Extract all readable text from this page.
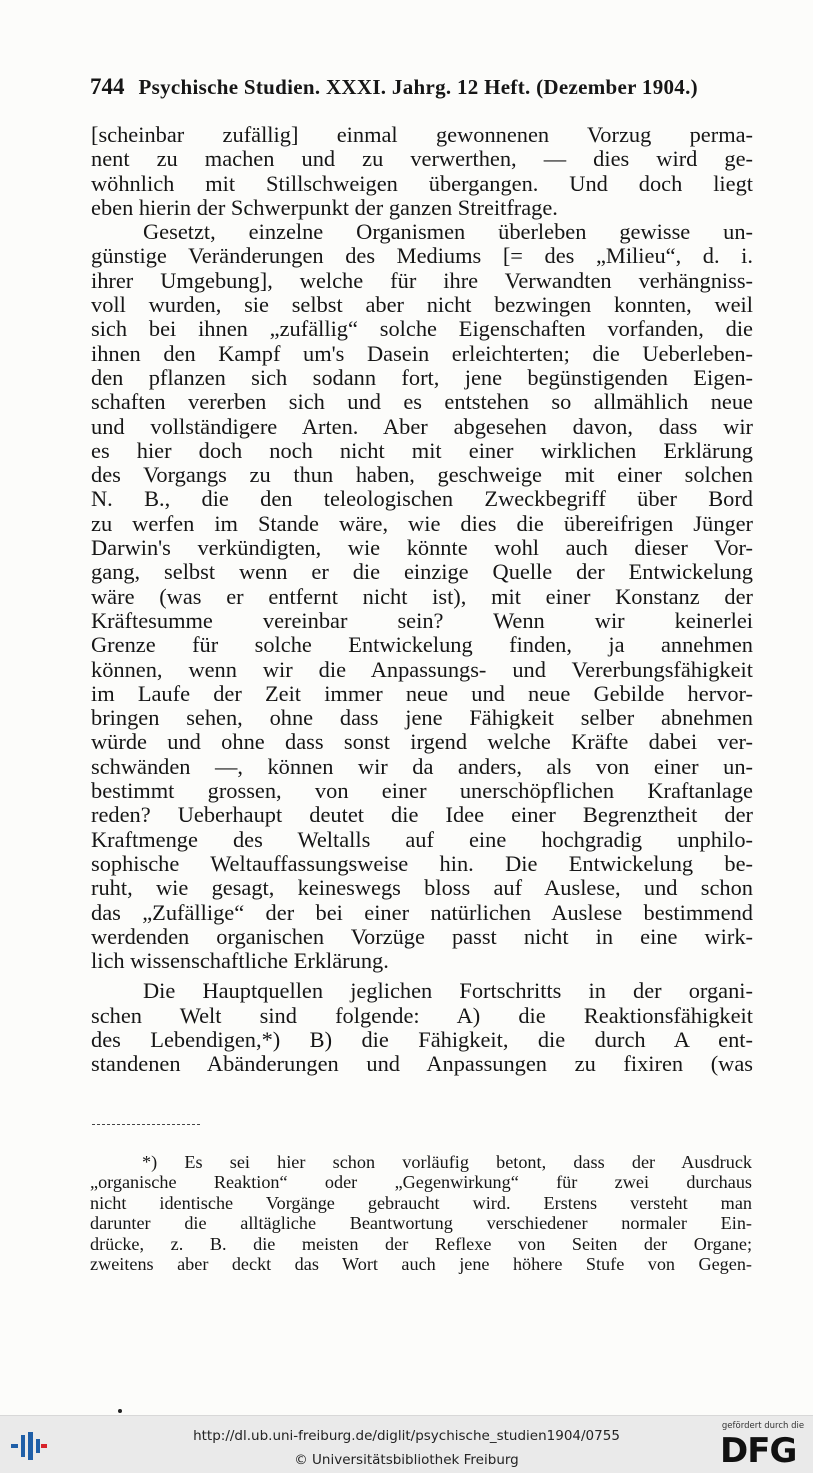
744 Psychische Studien. XXXI. Jahrg. 12 Heft. (Dezember 1904.)
[scheinbar zufällig] einmal gewonnenen Vorzug perma-
nent zu machen und zu verwerthen, — dies wird ge-
wöhnlich mit Stillschweigen übergangen. Und doch liegt
eben hierin der Schwerpunkt der ganzen Streitfrage.
Gesetzt, einzelne Organismen überleben gewisse un-
günstige Veränderungen des Mediums [= des „Milieu“, d. i.
ihrer Umgebung], welche für ihre Verwandten verhängniss-
voll wurden, sie selbst aber nicht bezwingen konnten, weil
sich bei ihnen „zufällig“ solche Eigenschaften vorfanden, die
ihnen den Kampf um's Dasein erleichterten; die Ueberleben-
den pflanzen sich sodann fort, jene begünstigenden Eigen-
schaften vererben sich und es entstehen so allmählich neue
und vollständigere Arten. Aber abgesehen davon, dass wir
es hier doch noch nicht mit einer wirklichen Erklärung
des Vorgangs zu thun haben, geschweige mit einer solchen
N. B., die den teleologischen Zweckbegriff über Bord
zu werfen im Stande wäre, wie dies die übereifrigen Jünger
Darwin's verkündigten, wie könnte wohl auch dieser Vor-
gang, selbst wenn er die einzige Quelle der Entwickelung
wäre (was er entfernt nicht ist), mit einer Konstanz der
Kräftesumme vereinbar sein? Wenn wir keinerlei
Grenze für solche Entwickelung finden, ja annehmen
können, wenn wir die Anpassungs- und Vererbungsfähigkeit
im Laufe der Zeit immer neue und neue Gebilde hervor-
bringen sehen, ohne dass jene Fähigkeit selber abnehmen
würde und ohne dass sonst irgend welche Kräfte dabei ver-
schwänden —, können wir da anders, als von einer un-
bestimmt grossen, von einer unerschöpflichen Kraftanlage
reden? Ueberhaupt deutet die Idee einer Begrenztheit der
Kraftmenge des Weltalls auf eine hochgradig unphilo-
sophische Weltauffassungsweise hin. Die Entwickelung be-
ruht, wie gesagt, keineswegs bloss auf Auslese, und schon
das „Zufällige“ der bei einer natürlichen Auslese bestimmend
werdenden organischen Vorzüge passt nicht in eine wirk-
lich wissenschaftliche Erklärung.
Die Hauptquellen jeglichen Fortschritts in der organi-
schen Welt sind folgende: A) die Reaktionsfähigkeit
des Lebendigen,*) B) die Fähigkeit, die durch A ent-
standenen Abänderungen und Anpassungen zu fixiren (was
*) Es sei hier schon vorläufig betont, dass der Ausdruck
„organische Reaktion“ oder „Gegenwirkung“ für zwei durchaus
nicht identische Vorgänge gebraucht wird. Erstens versteht man
darunter die alltägliche Beantwortung verschiedener normaler Ein-
drücke, z. B. die meisten der Reflexe von Seiten der Organe;
zweitens aber deckt das Wort auch jene höhere Stufe von Gegen-
http://dl.ub.uni-freiburg.de/diglit/psychische_studien1904/0755
© Universitätsbibliothek Freiburg
gefördert durch die
DFG
